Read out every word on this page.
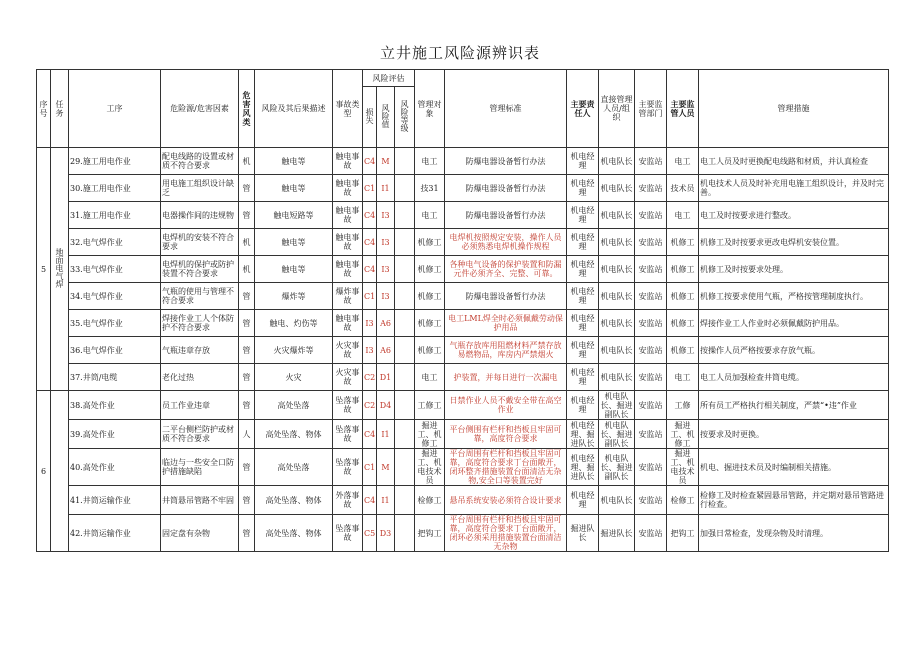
立井施工风险源辨识表
序号	任务	工序	危险源/危害因素	危害风类	风险及其后果描述	事故类型	风险评估			管理对象	管理标准	主要责任人	直接管理人员/组织	主要监管部门	主要监管人员	管理措施
							损失	风险值	风险等级							
5	地面电气焊	29.施工用电作业	配电线路的设置或材质不符合要求	机	触电等	触电事故	C4	M		电工	防爆电器设备暂行办法	机电经理	机电队长	安监站	电工	电工人员及时更换配电线路和材质，并认真检查
		30.施工用电作业	用电施工组织设计缺乏	管	触电等	触电事故	C1	I1		技31	防爆电器设备暂行办法	机电经理	机电队长	安监站	技术员	机电技术人员及时补充用电施工组织设计，并及时完善。
		31.施工用电作业	电器操作间的违规物	管	触电短路等	触电事故	C4	I3		电工	防爆电器设备暂行办法	机电经理	机电队长	安监站	电工	电工及时按要求进行整改。
		32.电气焊作业	电焊机的安装不符合要求	机	触电等	触电事故	C4	I3		机修工	电焊机按照规定安装，操作人员必须熟悉电焊机操作规程	机电经理	机电队长	安监站	机修工	机修工及时按要求更改电焊机安装位置。
		33.电气焊作业	电焊机的保护或防护装置不符合要求	机	触电等	触电事故	C4	I3		机修工	各种电气设备的保护装置和防漏元件必须齐全、完整、可靠。	机电经理	机电队长	安监站	机修工	机修工及时按要求处理。
		34.电气焊作业	气瓶的使用与管理不符合要求	管	爆炸等	爆炸事故	C1	I3		机修工	防爆电器设备暂行办法	机电经理	机电队长	安监站	机修工	机修工按要求使用气瓶，严格按管理制度执行。
		35.电气焊作业	焊接作业工人个体防护不符合要求	管	触电、灼伤等	触电事故	I3	A6		机修工	电工LML焊全时必须佩戴劳动保护用品	机电经理	机电队长	安监站	机修工	焊接作业工人作业时必须佩戴防护用品。
		36.电气焊作业	气瓶违章存放	管	火灾爆炸等	火灾事故	I3	A6		机修工	气瓶存放库用阻燃材料严禁存放易燃物品，库房内严禁烟火	机电经理	机电队长	安监站	机修工	按操作人员严格按要求存放气瓶。
		37.井筒/电缆	老化过热	管	火灾	火灾事故	C2	D1		电工	护装置，并每日进行一次漏电	机电经理	机电队长	安监站	电工	电工人员加强检查井筒电缆。
6		38.高处作业	员工作业违章	管	高处坠落	坠落事故	C2	D4		工修工	日禁作业人员不戴安全带在高空作业	机电经理	机电队长、掘进副队长	安监站	工修	所有员工严格执行相关制度，严禁“•违”作业
		39.高处作业	二平台侧栏防护或材质不符合要求	人	高处坠落、物体	坠落事故	C4	I1		掘进工、机修工	平台侧围有栏杆和挡板且牢固可靠，高度符合要求	机电经理、掘进队长	机电队长、掘进副队长	安监站	掘进工、机修工	按要求及时更换。
		40.高处作业	临边与一些安全口防护措施缺陷	管	高处坠落	坠落事故	C1	M		掘进工、机电技术员	平台周围有栏杆和挡板且牢固可靠，高度符合要求丁台面敞开，闭环整齐措施装置台面清洁无杂物,安全口等装置完好	机电经理、掘进队长	机电队长、掘进副队长	安监站	掘进工、机电技术员	机电、掘进技术员及时编制相关措施。
		41.井筒运输作业	井筒悬吊管路不牢固	管	高处坠落、物体	外落事故	C4	I1		检修工	悬吊系统安装必须符合设计要求	机电经理	机电队长	安监站	检修工	检修工及时检查紧固悬吊管路，并定期对悬吊管路进行检查。
		42.井筒运输作业	固定盘有杂物	管	高处坠落、物体	坠落事故	C5	D3		把钩工	平台周围有栏杆和挡板且牢固可靠，高度符合要求丁台面敞开，闭环必须采用措施装置台面清洁无杂物	掘进队长	掘进队长	安监站	把钩工	加强日常检查，发现杂物及时清理。
